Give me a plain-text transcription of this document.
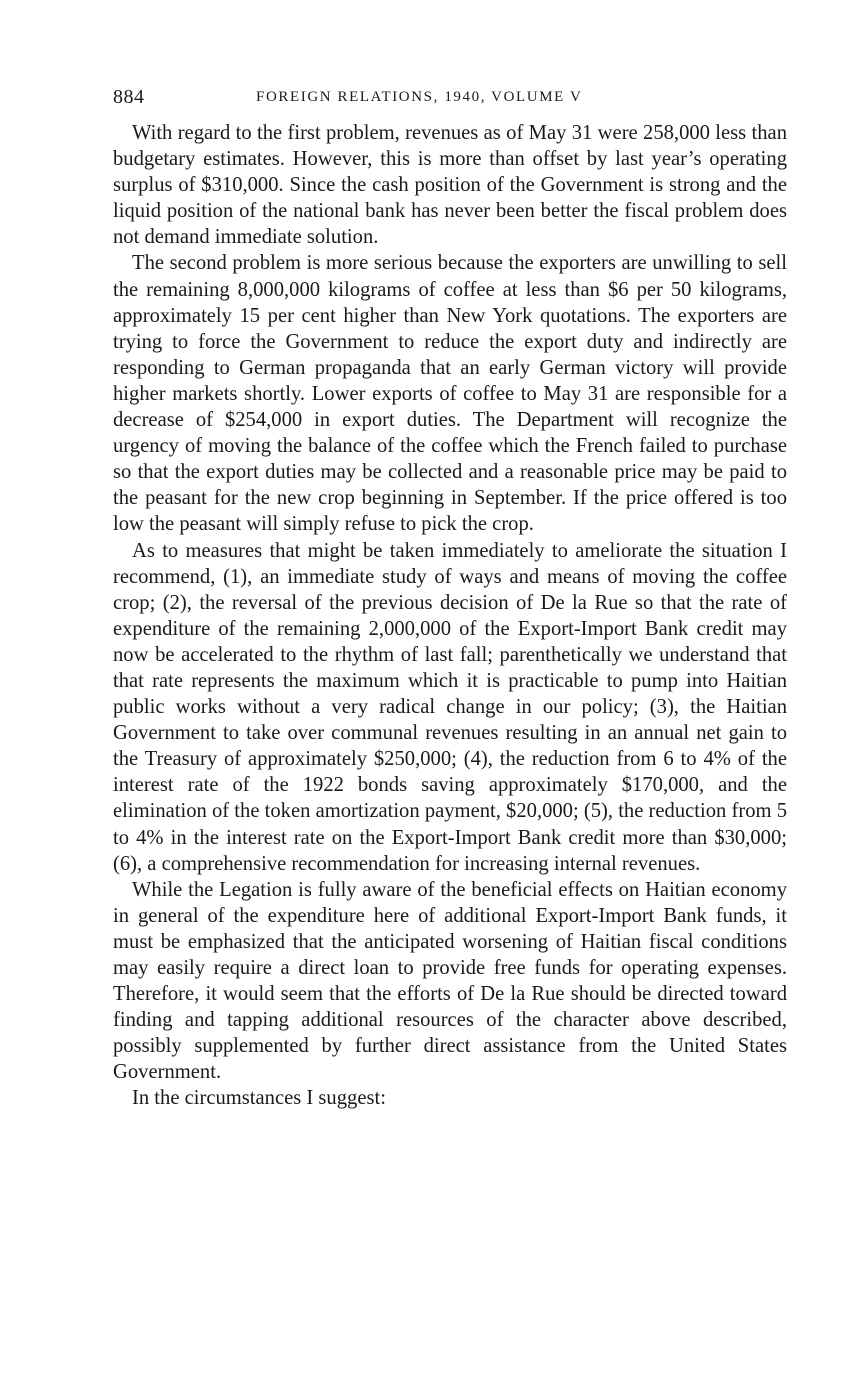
884	FOREIGN RELATIONS, 1940, VOLUME V

With regard to the first problem, revenues as of May 31 were 258,000 less than budgetary estimates. However, this is more than offset by last year’s operating surplus of $310,000. Since the cash position of the Government is strong and the liquid position of the national bank has never been better the fiscal problem does not demand immediate solution.

The second problem is more serious because the exporters are unwilling to sell the remaining 8,000,000 kilograms of coffee at less than $6 per 50 kilograms, approximately 15 per cent higher than New York quotations. The exporters are trying to force the Government to reduce the export duty and indirectly are responding to German propaganda that an early German victory will provide higher markets shortly. Lower exports of coffee to May 31 are responsible for a decrease of $254,000 in export duties. The Department will recognize the urgency of moving the balance of the coffee which the French failed to purchase so that the export duties may be collected and a reasonable price may be paid to the peasant for the new crop beginning in September. If the price offered is too low the peasant will simply refuse to pick the crop.

As to measures that might be taken immediately to ameliorate the situation I recommend, (1), an immediate study of ways and means of moving the coffee crop; (2), the reversal of the previous decision of De la Rue so that the rate of expenditure of the remaining 2,000,000 of the Export-Import Bank credit may now be accelerated to the rhythm of last fall; parenthetically we understand that that rate represents the maximum which it is practicable to pump into Haitian public works without a very radical change in our policy; (3), the Haitian Government to take over communal revenues resulting in an annual net gain to the Treasury of approximately $250,000; (4), the reduction from 6 to 4% of the interest rate of the 1922 bonds saving approximately $170,000, and the elimination of the token amortization payment, $20,000; (5), the reduction from 5 to 4% in the interest rate on the Export-Import Bank credit more than $30,000; (6), a comprehensive recommendation for increasing internal revenues.

While the Legation is fully aware of the beneficial effects on Haitian economy in general of the expenditure here of additional Export-Import Bank funds, it must be emphasized that the anticipated worsening of Haitian fiscal conditions may easily require a direct loan to provide free funds for operating expenses. Therefore, it would seem that the efforts of De la Rue should be directed toward finding and tapping additional resources of the character above described, possibly supplemented by further direct assistance from the United States Government.

In the circumstances I suggest:
